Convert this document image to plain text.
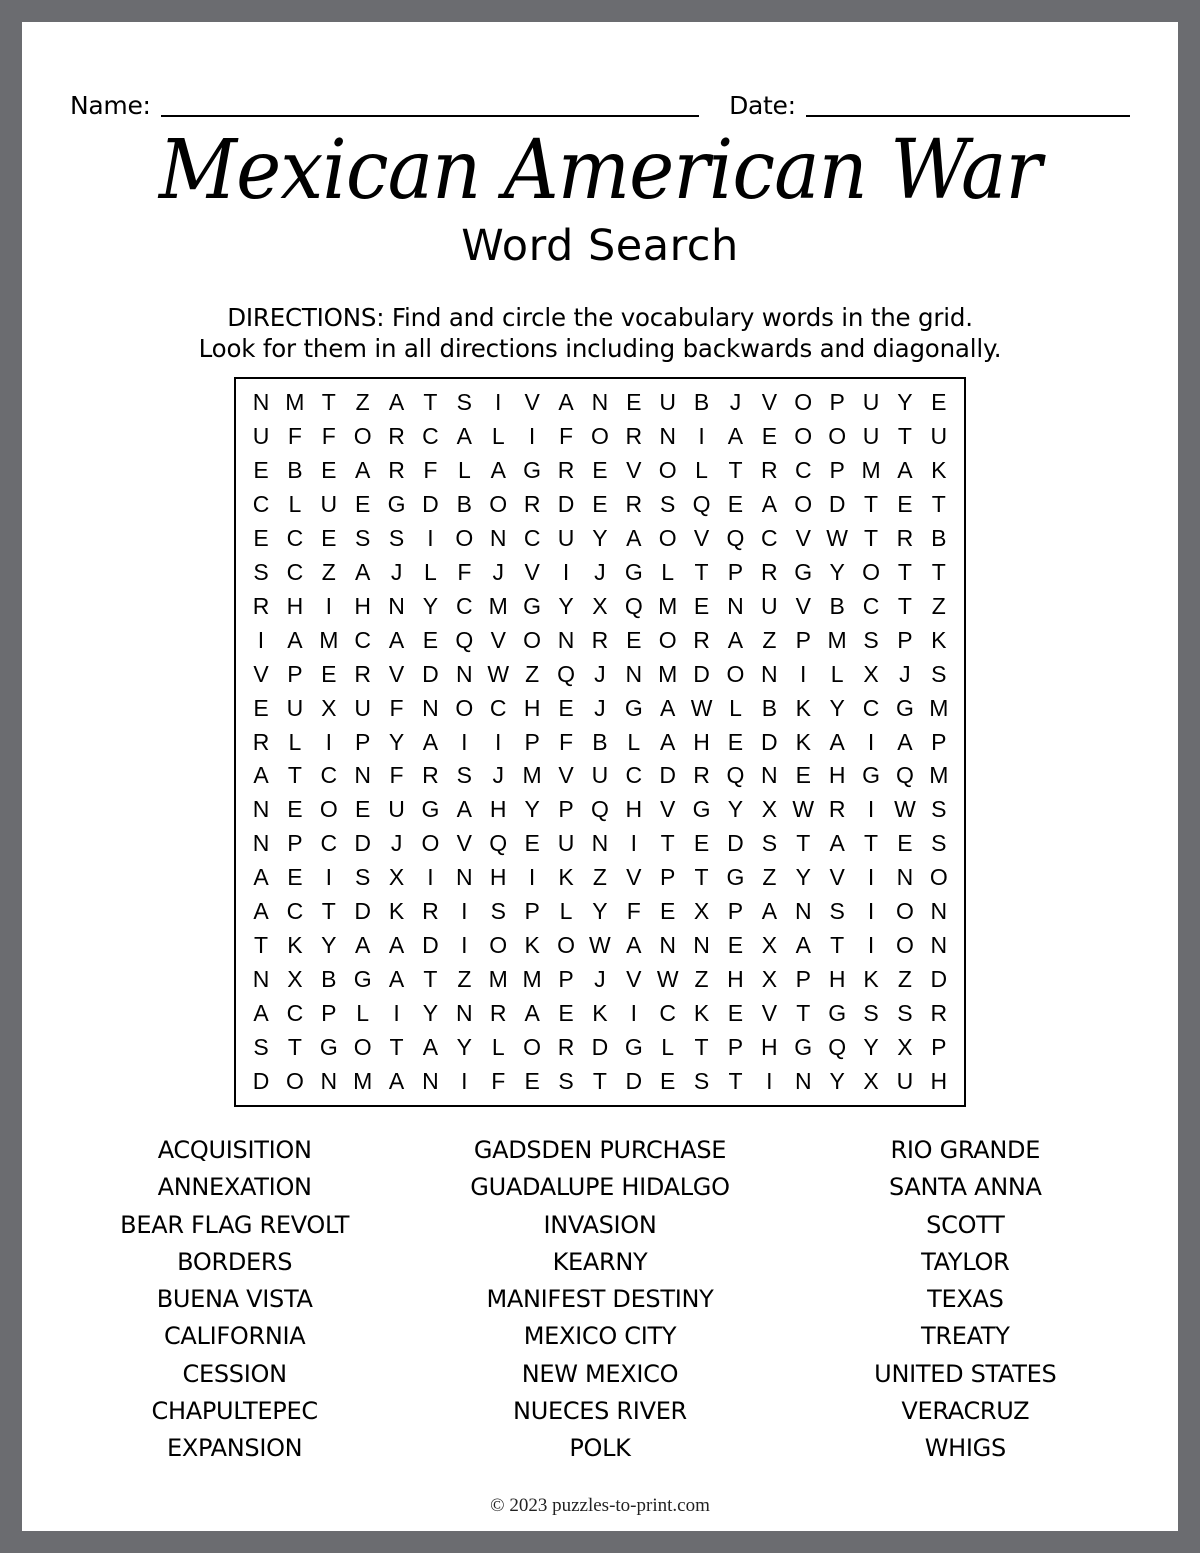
Name:	Date:
Mexican American War
Word Search
DIRECTIONS: Find and circle the vocabulary words in the grid.
Look for them in all directions including backwards and diagonally.
N M T Z A T S	I	V A N E U B J V O P U Y E
U F F O R C A L	I	F O R N I	A E O O U T U
E B E A R F L A G R E V O L T R C P M A K
C L U E G D B O R D E R S Q E A O D T E T
E C E S S	I O N C U Y A O V Q C V W T R B
S C Z A J L F J V	I	J G L T P R G Y O T T
R H I H N Y C M G Y X Q M E N U V B C T Z
I	A M C A E Q V O N R E O R A Z P M S P K
V P E R V D N W Z Q J N M D O N I	L X J S
E U X U F N O C H E J G A W L B K Y C G M
R L	I	P Y A	I	I	P F B L A H E D K A	I	A P
A T C N F R S J M V U C D R Q N E H G Q M
N E O E U G A H Y P Q H V G Y X W R I W S
N P C D J O V Q E U N I	T E D S T A T E S
A E	I	S X	I N H I	K Z V P T G Z Y V	I N O
A C T D K R I	S P L Y F E X P A N S	I O N
T K Y A A D I O K O W A N N E X A T	I O N
N X B G A T Z M M P J V W Z H X P H K Z D
A C P L	I	Y N R A E K	I C K E V T G S S R
S T G O T A Y L O R D G L T P H G Q Y X P
D O N M A N I	F E S T D E S T	I N Y X U H
ACQUISITION
ANNEXATION
BEAR FLAG REVOLT
BORDERS
BUENA VISTA
CALIFORNIA
CESSION
CHAPULTEPEC
EXPANSION
GADSDEN PURCHASE
GUADALUPE HIDALGO
INVASION
KEARNY
MANIFEST DESTINY
MEXICO CITY
NEW MEXICO
NUECES RIVER
POLK
RIO GRANDE
SANTA ANNA
SCOTT
TAYLOR
TEXAS
TREATY
UNITED STATES
VERACRUZ
WHIGS
© 2023 puzzles-to-print.com
